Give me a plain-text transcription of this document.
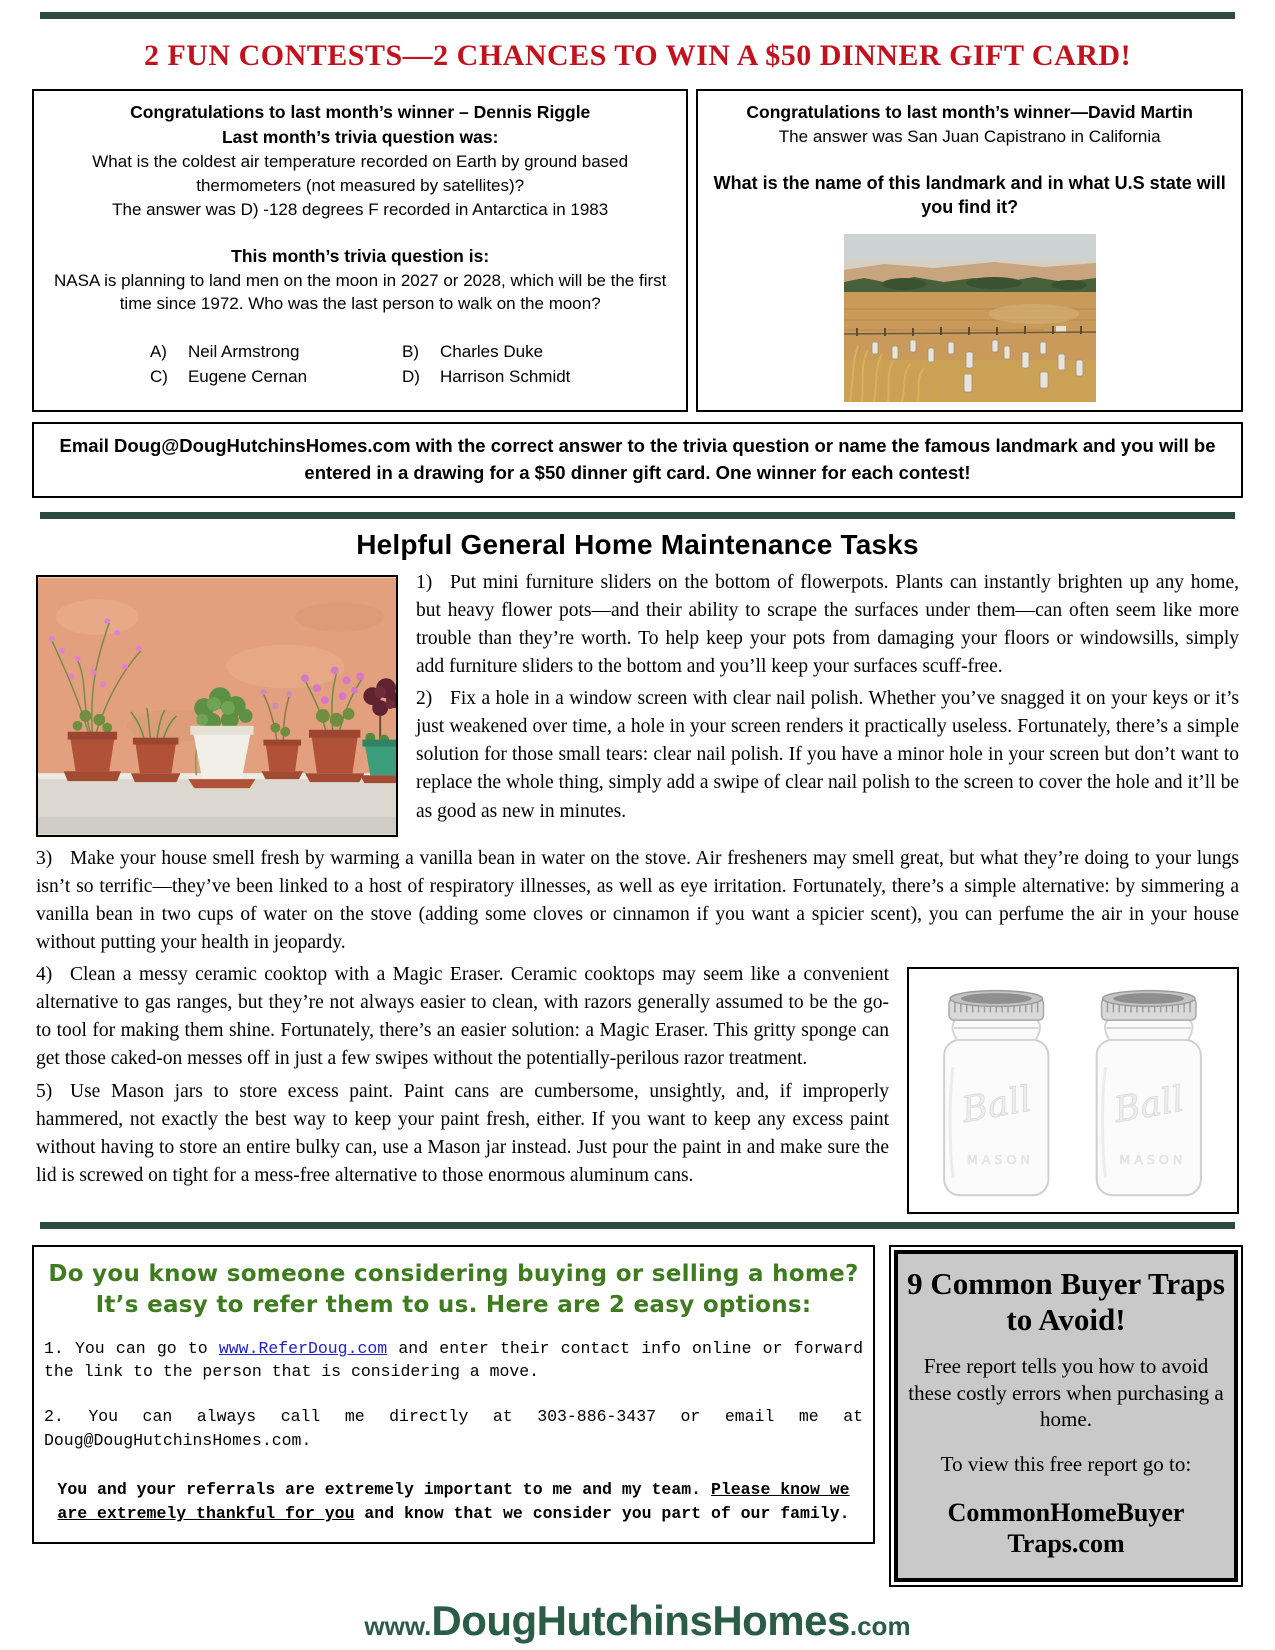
2 FUN CONTESTS—2 CHANCES TO WIN A $50 DINNER GIFT CARD!

Congratulations to last month’s winner – Dennis Riggle

Last month’s trivia question was:

What is the coldest air temperature recorded on Earth by ground based thermometers (not measured by satellites)?

The answer was D) -128 degrees F recorded in Antarctica in 1983

This month’s trivia question is:

NASA is planning to land men on the moon in 2027 or 2028, which will be the first time since 1972. Who was the last person to walk on the moon?

A) Neil Armstrong

C) Eugene Cernan

B) Charles Duke

D) Harrison Schmidt

Congratulations to last month’s winner—David Martin

The answer was San Juan Capistrano in California

What is the name of this landmark and in what U.S state will you find it?

Email Doug@DougHutchinsHomes.com with the correct answer to the trivia question or name the famous landmark and you will be entered in a drawing for a $50 dinner gift card. One winner for each contest!
Helpful General Home Maintenance Tasks

1) Put mini furniture sliders on the bottom of flowerpots. Plants can instantly brighten up any home, but heavy flower pots—and their ability to scrape the surfaces under them—can often seem like more trouble than they’re worth. To help keep your pots from damaging your floors or windowsills, simply add furniture sliders to the bottom and you’ll keep your surfaces scuff-free.

2) Fix a hole in a window screen with clear nail polish. Whether you’ve snagged it on your keys or it’s just weakened over time, a hole in your screen renders it practically useless. Fortunately, there’s a simple solution for those small tears: clear nail polish. If you have a minor hole in your screen but don’t want to replace the whole thing, simply add a swipe of clear nail polish to the screen to cover the hole and it’ll be as good as new in minutes.

3) Make your house smell fresh by warming a vanilla bean in water on the stove. Air fresheners may smell great, but what they’re doing to your lungs isn’t so terrific—they’ve been linked to a host of respiratory illnesses, as well as eye irritation. Fortunately, there’s a simple alternative: by simmering a vanilla bean in two cups of water on the stove (adding some cloves or cinnamon if you want a spicier scent), you can perfume the air in your house without putting your health in jeopardy.

Ball
MASON
Ball
MASON

4) Clean a messy ceramic cooktop with a Magic Eraser. Ceramic cooktops may seem like a convenient alternative to gas ranges, but they’re not always easier to clean, with razors generally assumed to be the go-to tool for making them shine. Fortunately, there’s an easier solution: a Magic Eraser. This gritty sponge can get those caked-on messes off in just a few swipes without the potentially-perilous razor treatment.

5) Use Mason jars to store excess paint. Paint cans are cumbersome, unsightly, and, if improperly hammered, not exactly the best way to keep your paint fresh, either. If you want to keep any excess paint without having to store an entire bulky can, use a Mason jar instead. Just pour the paint in and make sure the lid is screwed on tight for a mess-free alternative to those enormous aluminum cans.

Do you know someone considering buying or selling a home?
It’s easy to refer them to us. Here are 2 easy options:

1. You can go to www.ReferDoug.com and enter their contact info online or forward the link to the person that is considering a move.

2. You can always call me directly at 303-886-3437 or email me at Doug@DougHutchinsHomes.com.

You and your referrals are extremely important to me and my team. Please know we are extremely thankful for you and know that we consider you part of our family.

9 Common Buyer Traps to Avoid!
Free report tells you how to avoid these costly errors when purchasing a home.
To view this free report go to:
CommonHomeBuyer
Traps.com
www.DougHutchinsHomes.com
